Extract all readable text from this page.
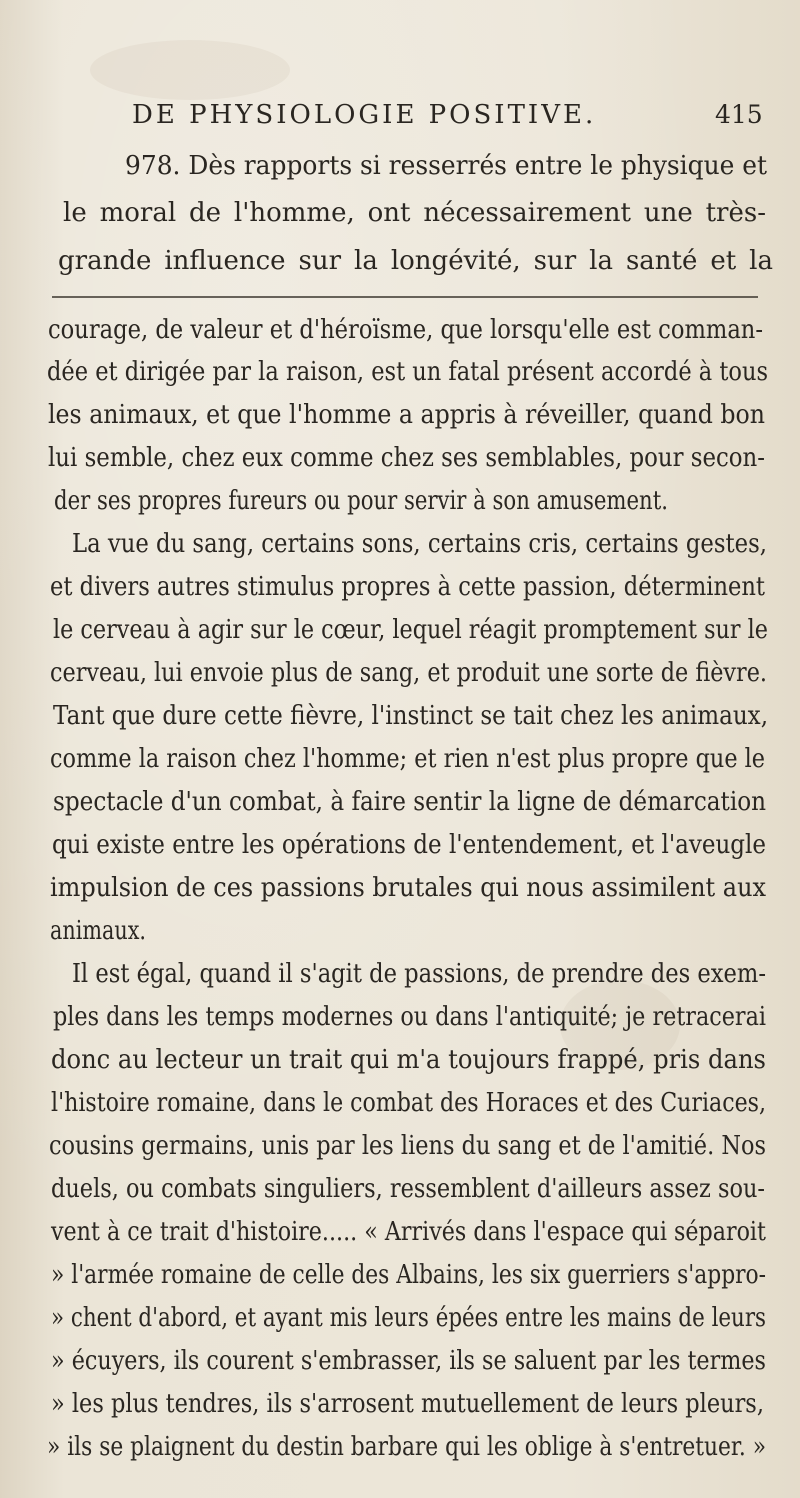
DE PHYSIOLOGIE POSITIVE.	415
978. Dès rapports si resserrés entre le physique et
le moral de l'homme, ont nécessairement une très-
grande influence sur la longévité, sur la santé et la
courage, de valeur et d'héroïsme, que lorsqu'elle est comman-
dée et dirigée par la raison, est un fatal présent accordé à tous
les animaux, et que l'homme a appris à réveiller, quand bon
lui semble, chez eux comme chez ses semblables, pour secon-
der ses propres fureurs ou pour servir à son amusement.
La vue du sang, certains sons, certains cris, certains gestes,
et divers autres stimulus propres à cette passion, déterminent
le cerveau à agir sur le cœur, lequel réagit promptement sur le
cerveau, lui envoie plus de sang, et produit une sorte de fièvre.
Tant que dure cette fièvre, l'instinct se tait chez les animaux,
comme la raison chez l'homme; et rien n'est plus propre que le
spectacle d'un combat, à faire sentir la ligne de démarcation
qui existe entre les opérations de l'entendement, et l'aveugle
impulsion de ces passions brutales qui nous assimilent aux
animaux.
Il est égal, quand il s'agit de passions, de prendre des exem-
ples dans les temps modernes ou dans l'antiquité; je retracerai
donc au lecteur un trait qui m'a toujours frappé, pris dans
l'histoire romaine, dans le combat des Horaces et des Curiaces,
cousins germains, unis par les liens du sang et de l'amitié. Nos
duels, ou combats singuliers, ressemblent d'ailleurs assez sou-
vent à ce trait d'histoire..... « Arrivés dans l'espace qui séparoit
» l'armée romaine de celle des Albains, les six guerriers s'appro-
» chent d'abord, et ayant mis leurs épées entre les mains de leurs
» écuyers, ils courent s'embrasser, ils se saluent par les termes
» les plus tendres, ils s'arrosent mutuellement de leurs pleurs,
» ils se plaignent du destin barbare qui les oblige à s'entretuer. »
